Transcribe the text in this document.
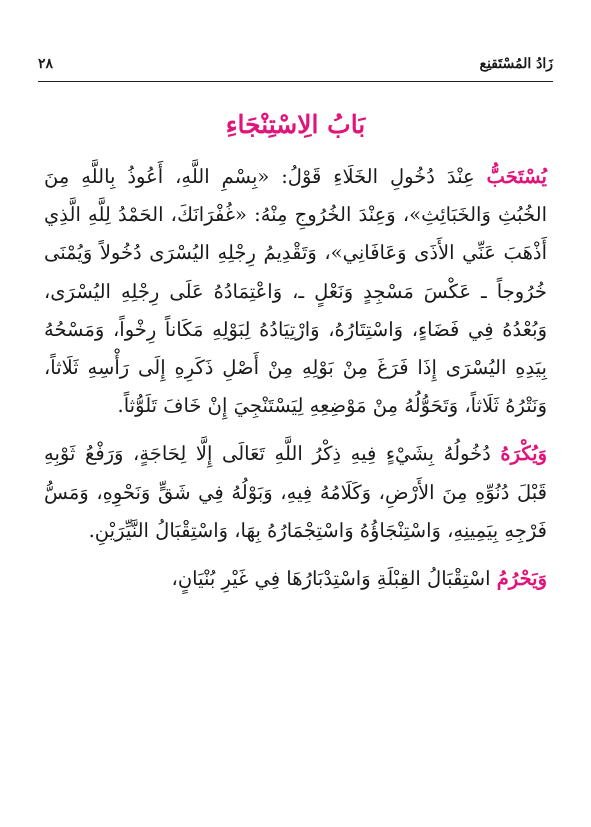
زَادُ المُسْتَقنِع
٢٨
بَابُ الِاسْتِنْجَاءِ

يُسْتَحَبُّ عِنْدَ دُخُولِ الخَلَاءِ قَوْلُ: «بِسْمِ اللَّهِ، أَعُوذُ بِاللَّهِ مِنَ الخُبُثِ وَالخَبَائِثِ»، وَعِنْدَ الخُرُوجِ مِنْهُ: «غُفْرَانَكَ، الحَمْدُ لِلَّهِ الَّذِي أَذْهَبَ عَنِّي الأَذَى وَعَافَانِي»، وَتَقْدِيمُ رِجْلِهِ اليُسْرَى دُخُولاً وَيُمْنَى خُرُوجاً ـ عَكْسَ مَسْجِدٍ وَنَعْلٍ ـ، وَاعْتِمَادُهُ عَلَى رِجْلِهِ اليُسْرَى، وَبُعْدُهُ فِي فَضَاءٍ، وَاسْتِتَارُهُ، وَارْتِيَادُهُ لِبَوْلِهِ مَكَاناً رِخْواً، وَمَسْحُهُ بِيَدِهِ اليُسْرَى إِذَا فَرَغَ مِنْ بَوْلِهِ مِنْ أَصْلِ ذَكَرِهِ إِلَى رَأْسِهِ ثَلَاثاً، وَنَتْرُهُ ثَلَاثاً، وَتَحَوُّلُهُ مِنْ مَوْضِعِهِ لِيَسْتَنْجِيَ إِنْ خَافَ تَلَوُّثاً.

وَيُكْرَهُ دُخُولُهُ بِشَيْءٍ فِيهِ ذِكْرُ اللَّهِ تَعَالَى إِلَّا لِحَاجَةٍ، وَرَفْعُ ثَوْبِهِ قَبْلَ دُنُوِّهِ مِنَ الأَرْضِ، وَكَلَامُهُ فِيهِ، وَبَوْلُهُ فِي شَقٍّ وَنَحْوِهِ، وَمَسُّ فَرْجِهِ بِيَمِينِهِ، وَاسْتِنْجَاؤُهُ وَاسْتِجْمَارُهُ بِهَا، وَاسْتِقْبَالُ النَّيِّرَيْنِ.

وَيَحْرُمُ اسْتِقْبَالُ القِبْلَةِ وَاسْتِدْبَارُهَا فِي غَيْرِ بُنْيَانٍ،
